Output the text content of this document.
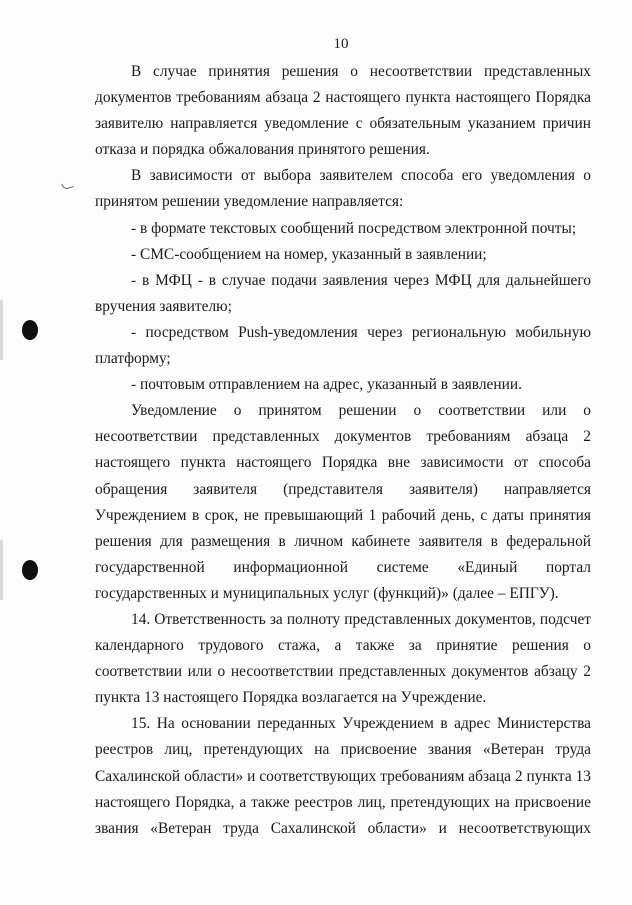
10

В случае принятия решения о несоответствии представленных документов требованиям абзаца 2 настоящего пункта настоящего Порядка заявителю направляется уведомление с обязательным указанием причин отказа и порядка обжалования принятого решения.

В зависимости от выбора заявителем способа его уведомления о принятом решении уведомление направляется:

- в формате текстовых сообщений посредством электронной почты;

- СМС-сообщением на номер, указанный в заявлении;

- в МФЦ - в случае подачи заявления через МФЦ для дальнейшего вручения заявителю;

- посредством Push-уведомления через региональную мобильную платформу;

- почтовым отправлением на адрес, указанный в заявлении.

Уведомление о принятом решении о соответствии или о несоответствии представленных документов требованиям абзаца 2 настоящего пункта настоящего Порядка вне зависимости от способа обращения заявителя (представителя заявителя) направляется Учреждением в срок, не превышающий 1 рабочий день, с даты принятия решения для размещения в личном кабинете заявителя в федеральной государственной информационной системе «Единый портал государственных и муниципальных услуг (функций)» (далее – ЕПГУ).

14. Ответственность за полноту представленных документов, подсчет календарного трудового стажа, а также за принятие решения о соответствии или о несоответствии представленных документов абзацу 2 пункта 13 настоящего Порядка возлагается на Учреждение.

15. На основании переданных Учреждением в адрес Министерства реестров лиц, претендующих на присвоение звания «Ветеран труда Сахалинской области» и соответствующих требованиям абзаца 2 пункта 13 настоящего Порядка, а также реестров лиц, претендующих на присвоение звания «Ветеран труда Сахалинской области» и несоответствующих
